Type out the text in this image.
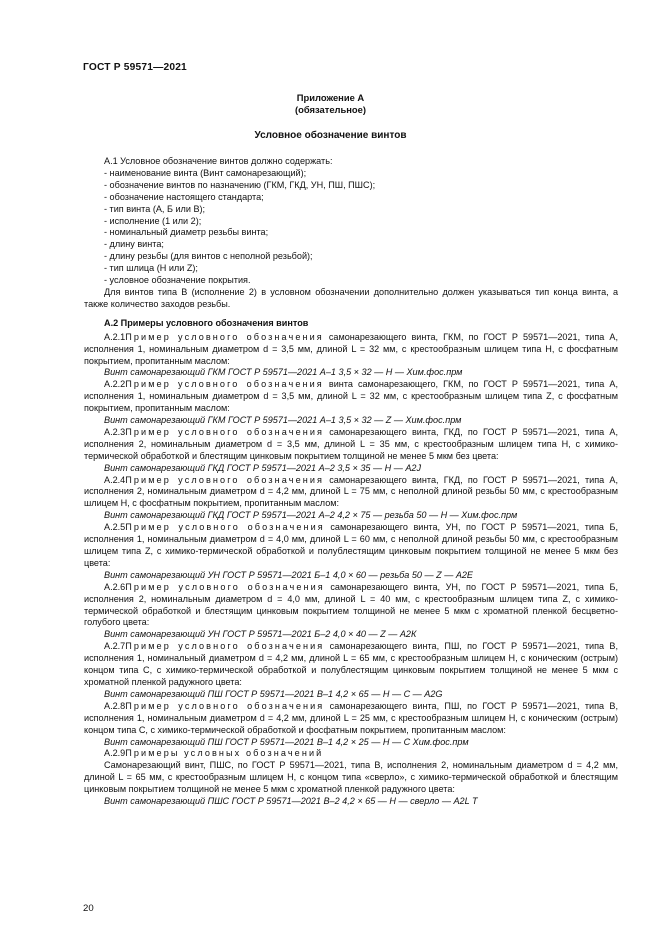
ГОСТ Р 59571—2021
Приложение А
(обязательное)
Условное обозначение винтов

А.1 Условное обозначение винтов должно содержать:

- наименование винта (Винт самонарезающий);
- обозначение винтов по назначению (ГКМ, ГКД, УН, ПШ, ПШС);
- обозначение настоящего стандарта;
- тип винта (А, Б или В);
- исполнение (1 или 2);
- номинальный диаметр резьбы винта;
- длину винта;
- длину резьбы (для винтов с неполной резьбой);
- тип шлица (Н или Z);
- условное обозначение покрытия.

Для винтов типа В (исполнение 2) в условном обозначении дополнительно должен указываться тип конца винта, а также количество заходов резьбы.

А.2 Примеры условного обозначения винтов

А.2.1Пример условного обозначения самонарезающего винта, ГКМ, по ГОСТ Р 59571—2021, типа А, исполнения 1, номинальным диаметром d = 3,5 мм, длиной L = 32 мм, с крестообразным шлицем типа Н, с фосфатным покрытием, пропитанным маслом:

Винт самонарезающий ГКМ ГОСТ Р 59571—2021 А–1 3,5 × 32 — Н — Хим.фос.прм

А.2.2Пример условного обозначения винта самонарезающего, ГКМ, по ГОСТ Р 59571—2021, типа А, исполнения 1, номинальным диаметром d = 3,5 мм, длиной L = 32 мм, с крестообразным шлицем типа Z, с фосфатным покрытием, пропитанным маслом:

Винт самонарезающий ГКМ ГОСТ Р 59571—2021 А–1 3,5 × 32 — Z — Хим.фос.прм

А.2.3Пример условного обозначения самонарезающего винта, ГКД, по ГОСТ Р 59571—2021, типа А, исполнения 2, номинальным диаметром d = 3,5 мм, длиной L = 35 мм, с крестообразным шлицем типа Н, с химико-термической обработкой и блестящим цинковым покрытием толщиной не менее 5 мкм без цвета:

Винт самонарезающий ГКД ГОСТ Р 59571—2021 А–2 3,5 × 35 — Н — А2J

А.2.4Пример условного обозначения самонарезающего винта, ГКД, по ГОСТ Р 59571—2021, типа А, исполнения 2, номинальным диаметром d = 4,2 мм, длиной L = 75 мм, с неполной длиной резьбы 50 мм, с крестообразным шлицем Н, с фосфатным покрытием, пропитанным маслом:

Винт самонарезающий ГКД ГОСТ Р 59571—2021 А–2 4,2 × 75 — резьба 50 — Н — Хим.фос.прм

А.2.5Пример условного обозначения самонарезающего винта, УН, по ГОСТ Р 59571—2021, типа Б, исполнения 1, номинальным диаметром d = 4,0 мм, длиной L = 60 мм, с неполной длиной резьбы 50 мм, с крестообразным шлицем типа Z, с химико-термической обработкой и полублестящим цинковым покрытием толщиной не менее 5 мкм без цвета:

Винт самонарезающий УН ГОСТ Р 59571—2021 Б–1 4,0 × 60 — резьба 50 — Z — А2Е

А.2.6Пример условного обозначения самонарезающего винта, УН, по ГОСТ Р 59571—2021, типа Б, исполнения 2, номинальным диаметром d = 4,0 мм, длиной L = 40 мм, с крестообразным шлицем типа Z, с химико-термической обработкой и блестящим цинковым покрытием толщиной не менее 5 мкм с хроматной пленкой бесцветно-голубого цвета:

Винт самонарезающий УН ГОСТ Р 59571—2021 Б–2 4,0 × 40 — Z — А2К

А.2.7Пример условного обозначения самонарезающего винта, ПШ, по ГОСТ Р 59571—2021, типа В, исполнения 1, номинальный диаметром d = 4,2 мм, длиной L = 65 мм, с крестообразным шлицем Н, с коническим (острым) концом типа С, с химико-термической обработкой и полублестящим цинковым покрытием толщиной не менее 5 мкм с хроматной пленкой радужного цвета:

Винт самонарезающий ПШ ГОСТ Р 59571—2021 В–1 4,2 × 65 — Н — С — А2G

А.2.8Пример условного обозначения самонарезающего винта, ПШ, по ГОСТ Р 59571—2021, типа В, исполнения 1, номинальным диаметром d = 4,2 мм, длиной L = 25 мм, с крестообразным шлицем Н, с коническим (острым) концом типа С, с химико-термической обработкой и фосфатным покрытием, пропитанным маслом:

Винт самонарезающий ПШ ГОСТ Р 59571—2021 В–1 4,2 × 25 — Н — С Хим.фос.прм

А.2.9Примеры условных обозначений

Самонарезающий винт, ПШС, по ГОСТ Р 59571—2021, типа В, исполнения 2, номинальным диаметром d = 4,2 мм, длиной L = 65 мм, с крестообразным шлицем Н, с концом типа «сверло», с химико-термической обработкой и блестящим цинковым покрытием толщиной не менее 5 мкм с хроматной пленкой радужного цвета:

Винт самонарезающий ПШС ГОСТ Р 59571—2021 В–2 4,2 × 65 — Н — сверло — А2L Т
20
